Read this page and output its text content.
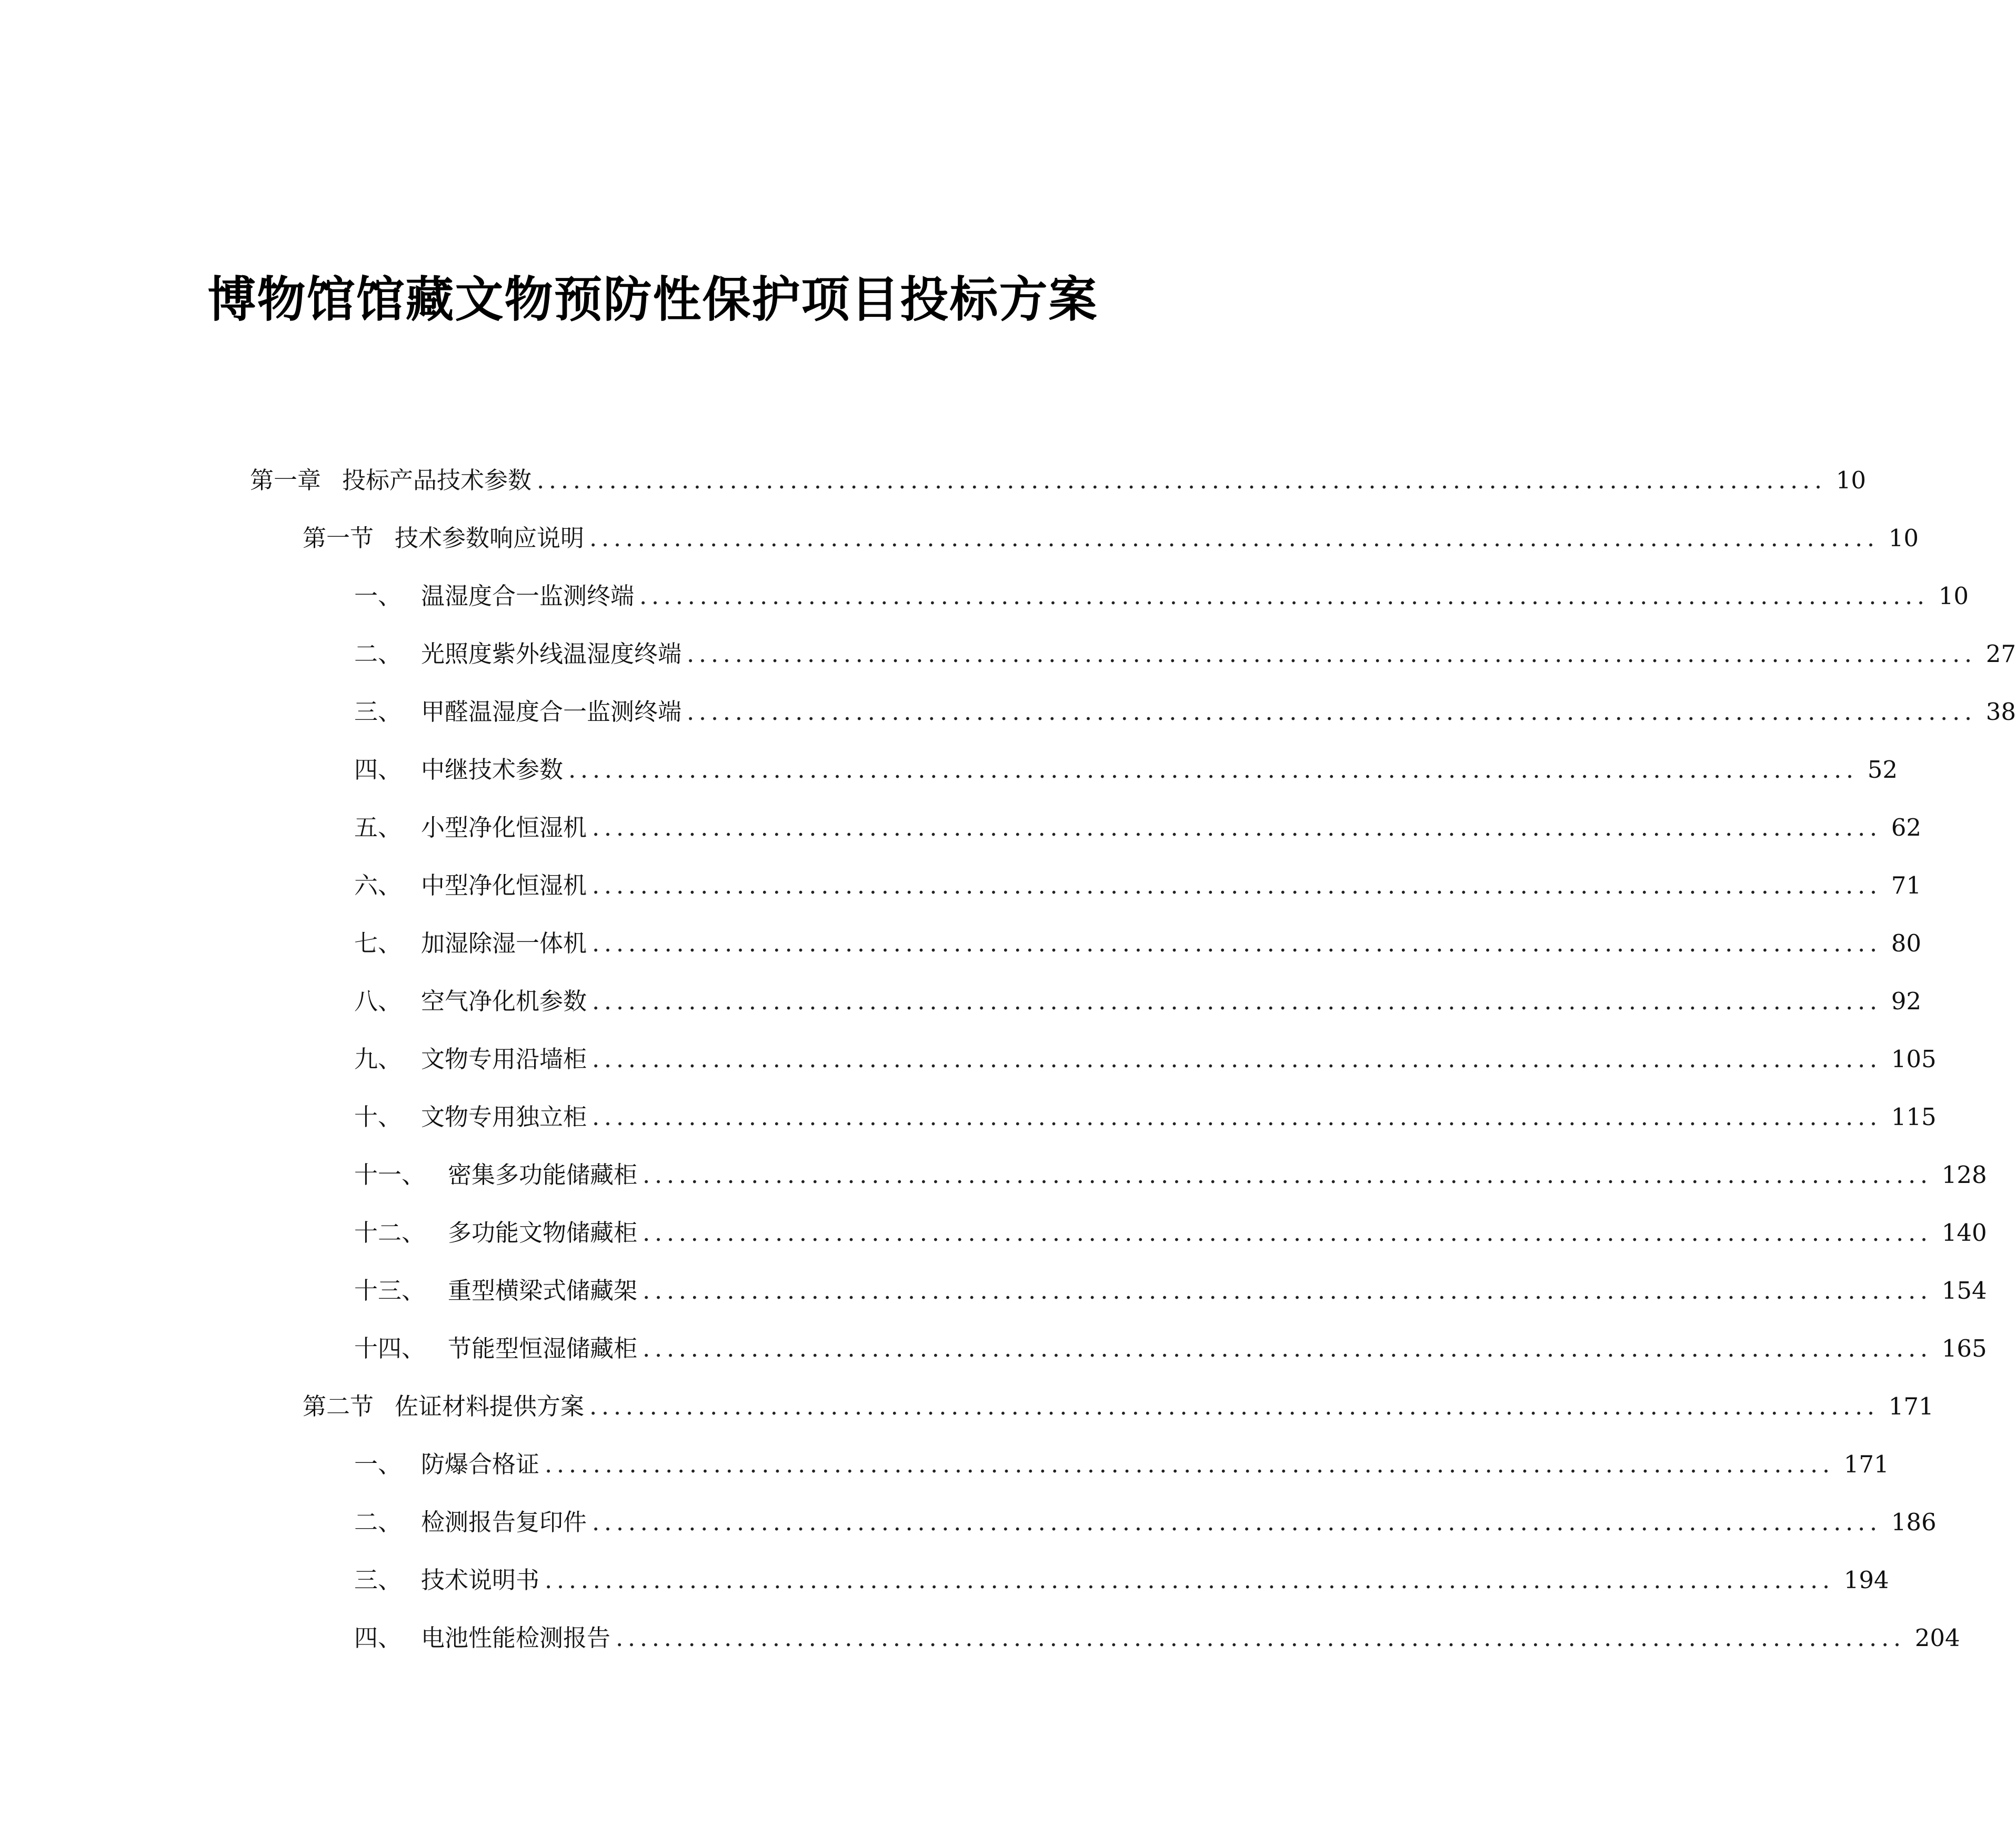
博物馆馆藏文物预防性保护项目投标方案
第一章 投标产品技术参数 ........................................................................................................... 10
第一节 技术参数响应说明 ........................................................................................................... 10
一、 温湿度合一监测终端 ........................................................................................................... 10
二、 光照度紫外线温湿度终端 ........................................................................................................... 27
三、 甲醛温湿度合一监测终端 ........................................................................................................... 38
四、 中继技术参数 ........................................................................................................... 52
五、 小型净化恒湿机 ........................................................................................................... 62
六、 中型净化恒湿机 ........................................................................................................... 71
七、 加湿除湿一体机 ........................................................................................................... 80
八、 空气净化机参数 ........................................................................................................... 92
九、 文物专用沿墙柜 ........................................................................................................... 105
十、 文物专用独立柜 ........................................................................................................... 115
十一、 密集多功能储藏柜 ........................................................................................................... 128
十二、 多功能文物储藏柜 ........................................................................................................... 140
十三、 重型横梁式储藏架 ........................................................................................................... 154
十四、 节能型恒湿储藏柜 ........................................................................................................... 165
第二节 佐证材料提供方案 ........................................................................................................... 171
一、 防爆合格证 ........................................................................................................... 171
二、 检测报告复印件 ........................................................................................................... 186
三、 技术说明书 ........................................................................................................... 194
四、 电池性能检测报告 ........................................................................................................... 204
